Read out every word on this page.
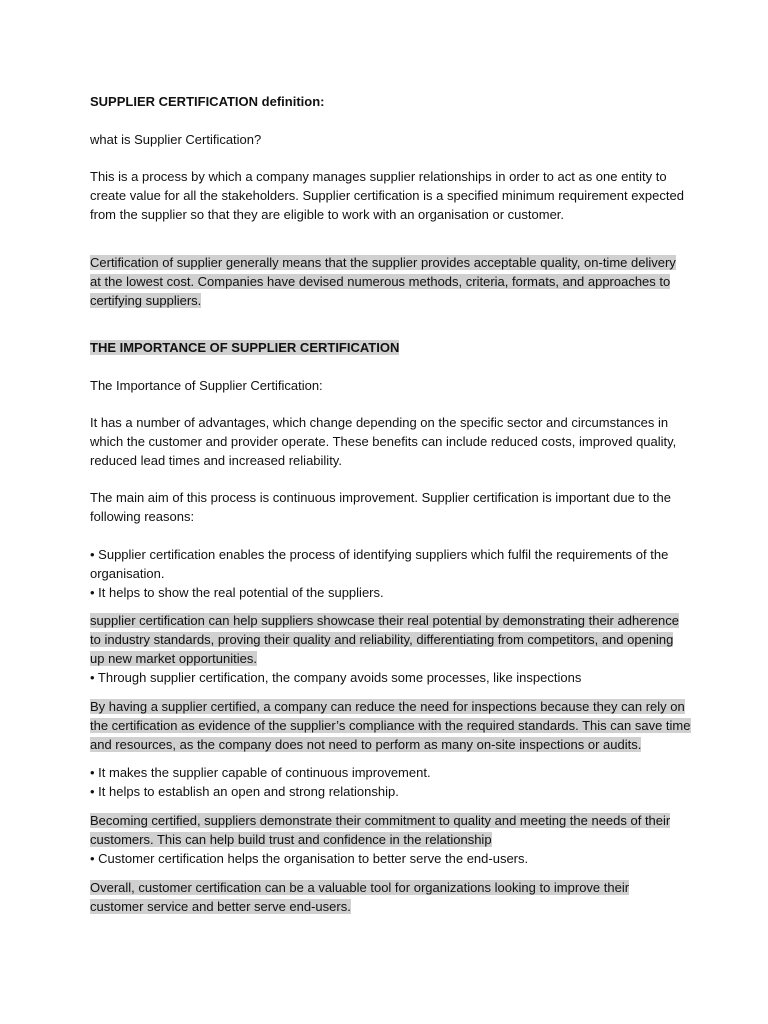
SUPPLIER CERTIFICATION definition:
what is Supplier Certification?
This is a process by which a company manages supplier relationships in order to act as one entity to
create value for all the stakeholders. Supplier certification is a specified minimum requirement expected
from the supplier so that they are eligible to work with an organisation or customer.
Certification of supplier generally means that the supplier provides acceptable quality, on-time delivery
at the lowest cost. Companies have devised numerous methods, criteria, formats, and approaches to
certifying suppliers.
THE IMPORTANCE OF SUPPLIER CERTIFICATION
The Importance of Supplier Certification:
It has a number of advantages, which change depending on the specific sector and circumstances in
which the customer and provider operate. These benefits can include reduced costs, improved quality,
reduced lead times and increased reliability.
The main aim of this process is continuous improvement. Supplier certification is important due to the
following reasons:
• Supplier certification enables the process of identifying suppliers which fulfil the requirements of the
organisation.
• It helps to show the real potential of the suppliers.
supplier certification can help suppliers showcase their real potential by demonstrating their adherence
to industry standards, proving their quality and reliability, differentiating from competitors, and opening
up new market opportunities.
• Through supplier certification, the company avoids some processes, like inspections
By having a supplier certified, a company can reduce the need for inspections because they can rely on
the certification as evidence of the supplier’s compliance with the required standards. This can save time
and resources, as the company does not need to perform as many on-site inspections or audits.
• It makes the supplier capable of continuous improvement.
• It helps to establish an open and strong relationship.
Becoming certified, suppliers demonstrate their commitment to quality and meeting the needs of their
customers. This can help build trust and confidence in the relationship
• Customer certification helps the organisation to better serve the end-users.
Overall, customer certification can be a valuable tool for organizations looking to improve their
customer service and better serve end-users.
